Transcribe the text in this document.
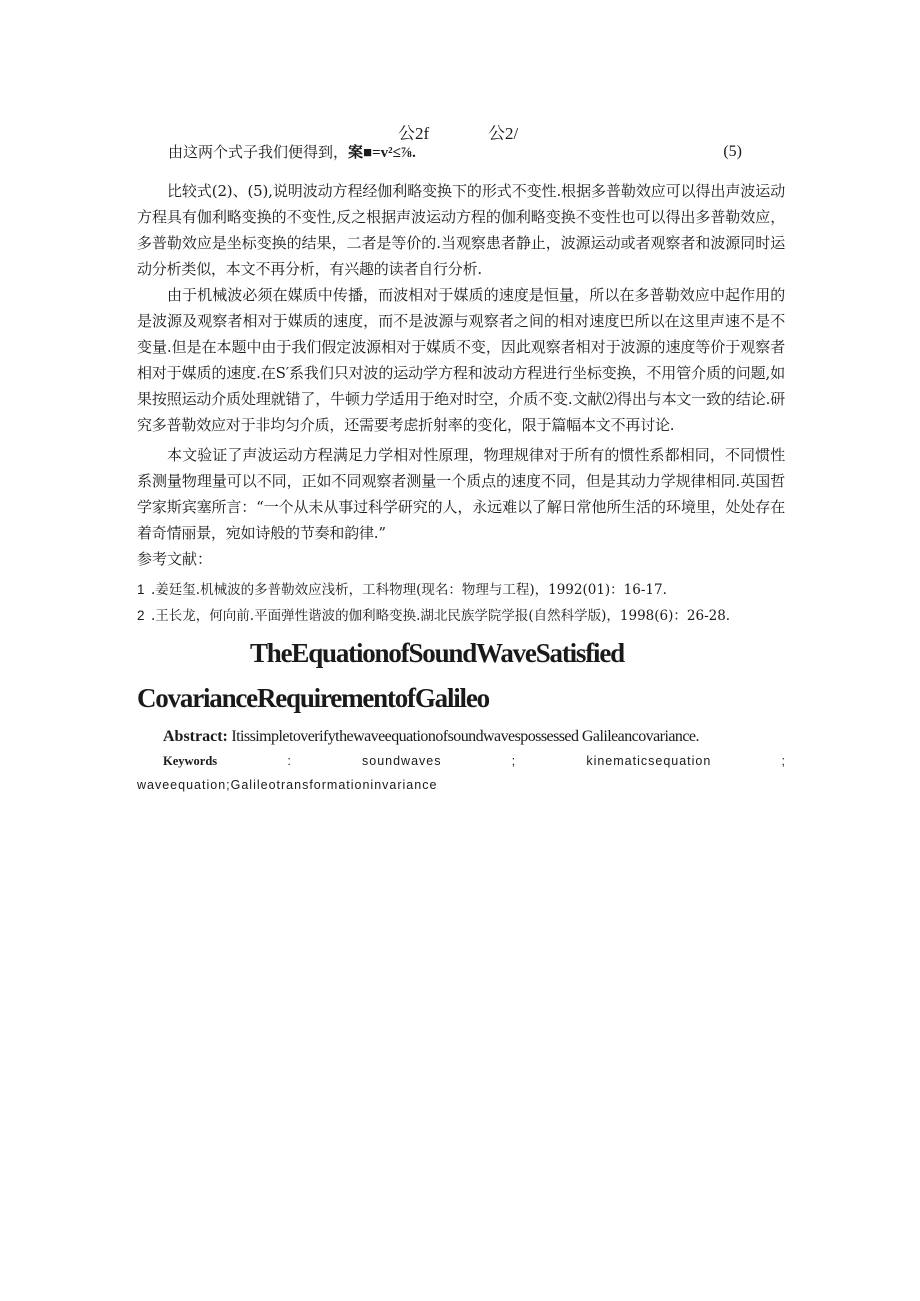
公2f	公2/
由这两个式子我们便得到，案■=v²≤⅞.	(5)

比较式(2)、(5),说明波动方程经伽利略变换下的形式不变性.根据多普勒效应可以得出声波运动方程具有伽利略变换的不变性,反之根据声波运动方程的伽利略变换不变性也可以得出多普勒效应，多普勒效应是坐标变换的结果，二者是等价的.当观察患者静止，波源运动或者观察者和波源同时运动分析类似，本文不再分析，有兴趣的读者自行分析.

由于机械波必须在媒质中传播，而波相对于媒质的速度是恒量，所以在多普勒效应中起作用的是波源及观察者相对于媒质的速度，而不是波源与观察者之间的相对速度巴所以在这里声速不是不变量.但是在本题中由于我们假定波源相对于媒质不变，因此观察者相对于波源的速度等价于观察者相对于媒质的速度.在S′系我们只对波的运动学方程和波动方程进行坐标变换，不用管介质的问题,如果按照运动介质处理就错了，牛顿力学适用于绝对时空，介质不变.文献⑵得出与本文一致的结论.研究多普勒效应对于非均匀介质，还需要考虑折射率的变化，限于篇幅本文不再讨论.

本文验证了声波运动方程满足力学相对性原理，物理规律对于所有的惯性系都相同，不同惯性系测量物理量可以不同，正如不同观察者测量一个质点的速度不同，但是其动力学规律相同.英国哲学家斯宾塞所言：“一个从未从事过科学研究的人，永远难以了解日常他所生活的环境里，处处存在着奇情丽景，宛如诗般的节奏和韵律.”

参考文献：
1 .姜廷玺.机械波的多普勒效应浅析，工科物理(现名：物理与工程)，1992(01)：16-17.
2 .王长龙，何向前.平面弹性谐波的伽利略变换.湖北民族学院学报(自然科学版)，1998(6)：26-28.
TheEquationofSoundWaveSatisfied
CovarianceRequirementofGalileo
Abstract: Itissimpletoverifythewaveequationofsoundwavespossessed Galileancovariance.
Keywords	:	soundwaves	;	kinematicsequation	;
waveequation;Galileotransformationinvariance
